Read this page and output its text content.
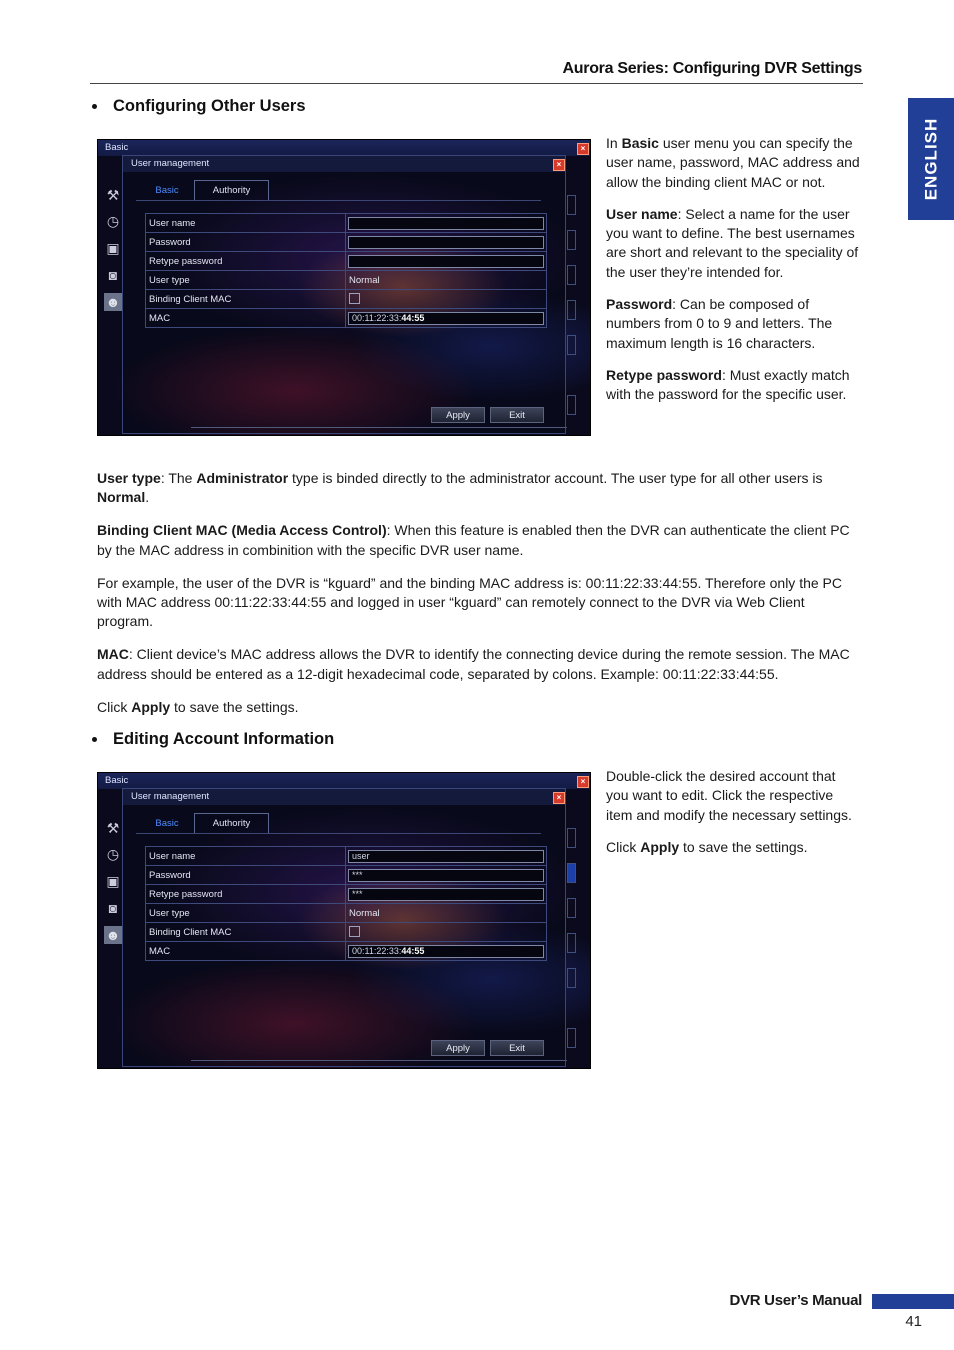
Aurora Series: Configuring DVR Settings
ENGLISH
Configuring Other Users
Basic	×
⚒
◷
▣
◙
☻
User management	×
Basic	Authority
User name	

Password	

Retype password	

User type	Normal
Binding Client MAC	
MAC	00:11:22:33:44:55
Apply	Exit

In Basic user menu you can specify the user name, password, MAC address and allow the binding client MAC or not.

User name: Select a name for the user you want to define. The best usernames are short and relevant to the speciality of the user they’re intended for.

Password: Can be composed of numbers from 0 to 9 and letters. The maximum length is 16 characters.

Retype password: Must exactly match with the password for the specific user.

User type: The Administrator type is binded directly to the administrator account. The user type for all other users is Normal.

Binding Client MAC (Media Access Control): When this feature is enabled then the DVR can authenticate the client PC by the MAC address in combinition with the specific DVR user name.

For example, the user of the DVR is “kguard” and the binding MAC address is: 00:11:22:33:44:55. Therefore only the PC with MAC address 00:11:22:33:44:55 and logged in user “kguard” can remotely connect to the DVR via Web Client program.

MAC: Client device’s MAC address allows the DVR to identify the connecting device during the remote session. The MAC address should be entered as a 12-digit hexadecimal code, separated by colons. Example: 00:11:22:33:44:55.

Click Apply to save the settings.

Editing Account Information
Basic	×
⚒
◷
▣
◙
☻
User management	×
Basic	Authority
User name	user

Password	***

Retype password	***

User type	Normal
Binding Client MAC	
MAC	00:11:22:33:44:55
Apply	Exit

Double-click the desired account that you want to edit. Click the respective item and modify the necessary settings.

Click Apply to save the settings.

DVR User’s Manual
41
